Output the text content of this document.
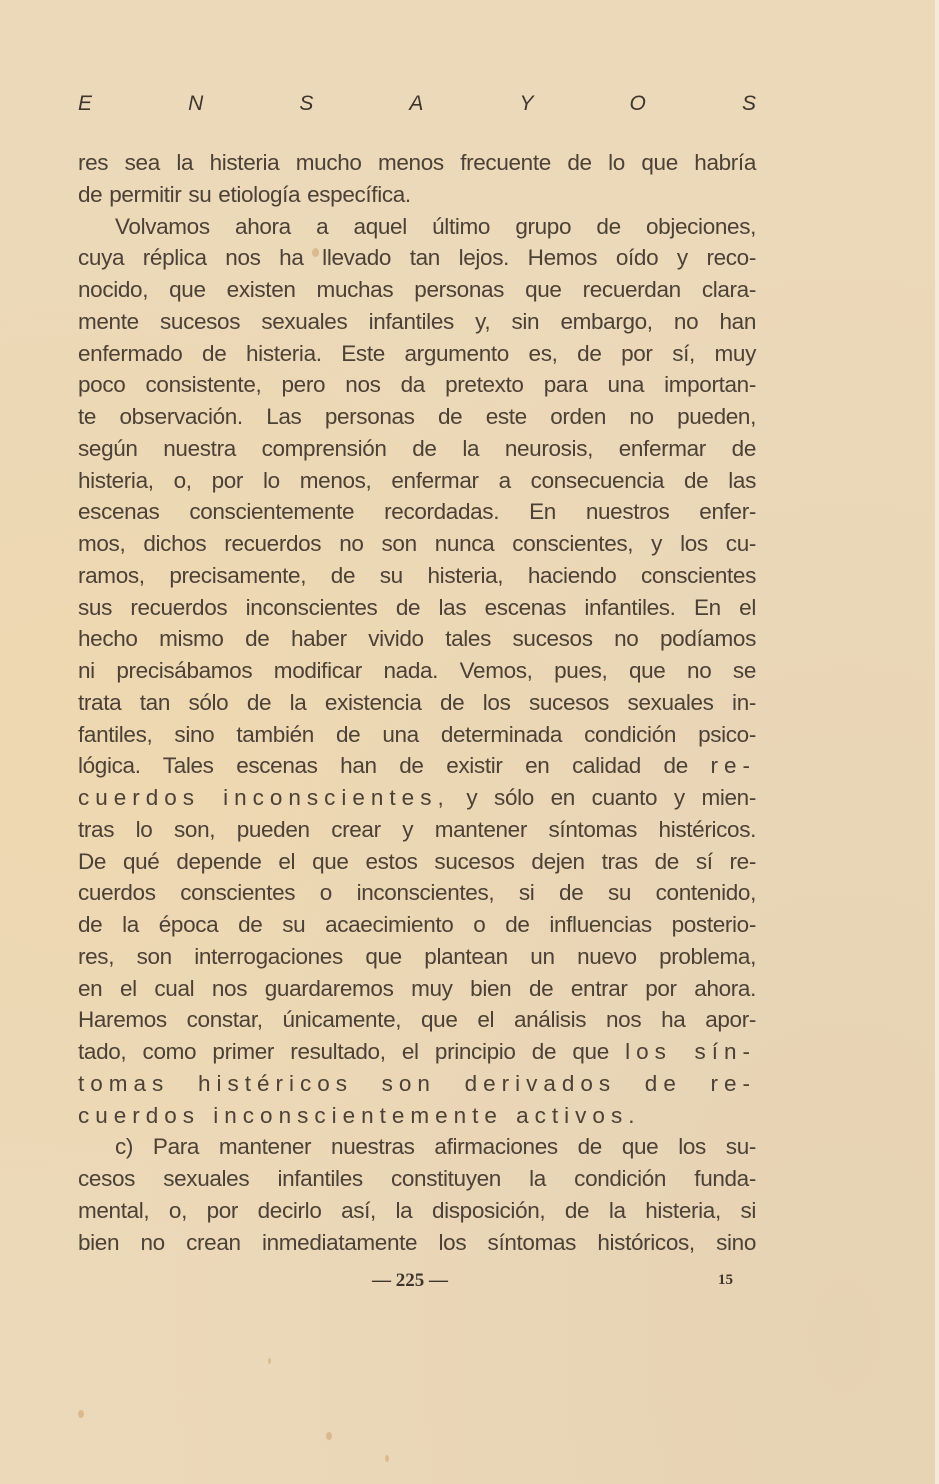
E	N	S	A	Y	O	S
res sea la histeria mucho menos frecuente de lo que habría
de permitir su etiología específica.
Volvamos ahora a aquel último grupo de objeciones,
cuya réplica nos ha llevado tan lejos. Hemos oído y reco-
nocido, que existen muchas personas que recuerdan clara-
mente sucesos sexuales infantiles y, sin embargo, no han
enfermado de histeria. Este argumento es, de por sí, muy
poco consistente, pero nos da pretexto para una importan-
te observación. Las personas de este orden no pueden,
según nuestra comprensión de la neurosis, enfermar de
histeria, o, por lo menos, enfermar a consecuencia de las
escenas conscientemente recordadas. En nuestros enfer-
mos, dichos recuerdos no son nunca conscientes, y los cu-
ramos, precisamente, de su histeria, haciendo conscientes
sus recuerdos inconscientes de las escenas infantiles. En el
hecho mismo de haber vivido tales sucesos no podíamos
ni precisábamos modificar nada. Vemos, pues, que no se
trata tan sólo de la existencia de los sucesos sexuales in-
fantiles, sino también de una determinada condición psico-
lógica. Tales escenas han de existir en calidad de re-
cuerdos inconscientes, y sólo en cuanto y mien-
tras lo son, pueden crear y mantener síntomas histéricos.
De qué depende el que estos sucesos dejen tras de sí re-
cuerdos conscientes o inconscientes, si de su contenido,
de la época de su acaecimiento o de influencias posterio-
res, son interrogaciones que plantean un nuevo problema,
en el cual nos guardaremos muy bien de entrar por ahora.
Haremos constar, únicamente, que el análisis nos ha apor-
tado, como primer resultado, el principio de que los sín-
tomas histéricos son derivados de re-
cuerdos inconscientemente activos.
c) Para mantener nuestras afirmaciones de que los su-
cesos sexuales infantiles constituyen la condición funda-
mental, o, por decirlo así, la disposición, de la histeria, si
bien no crean inmediatamente los síntomas históricos, sino
— 225 —	15
